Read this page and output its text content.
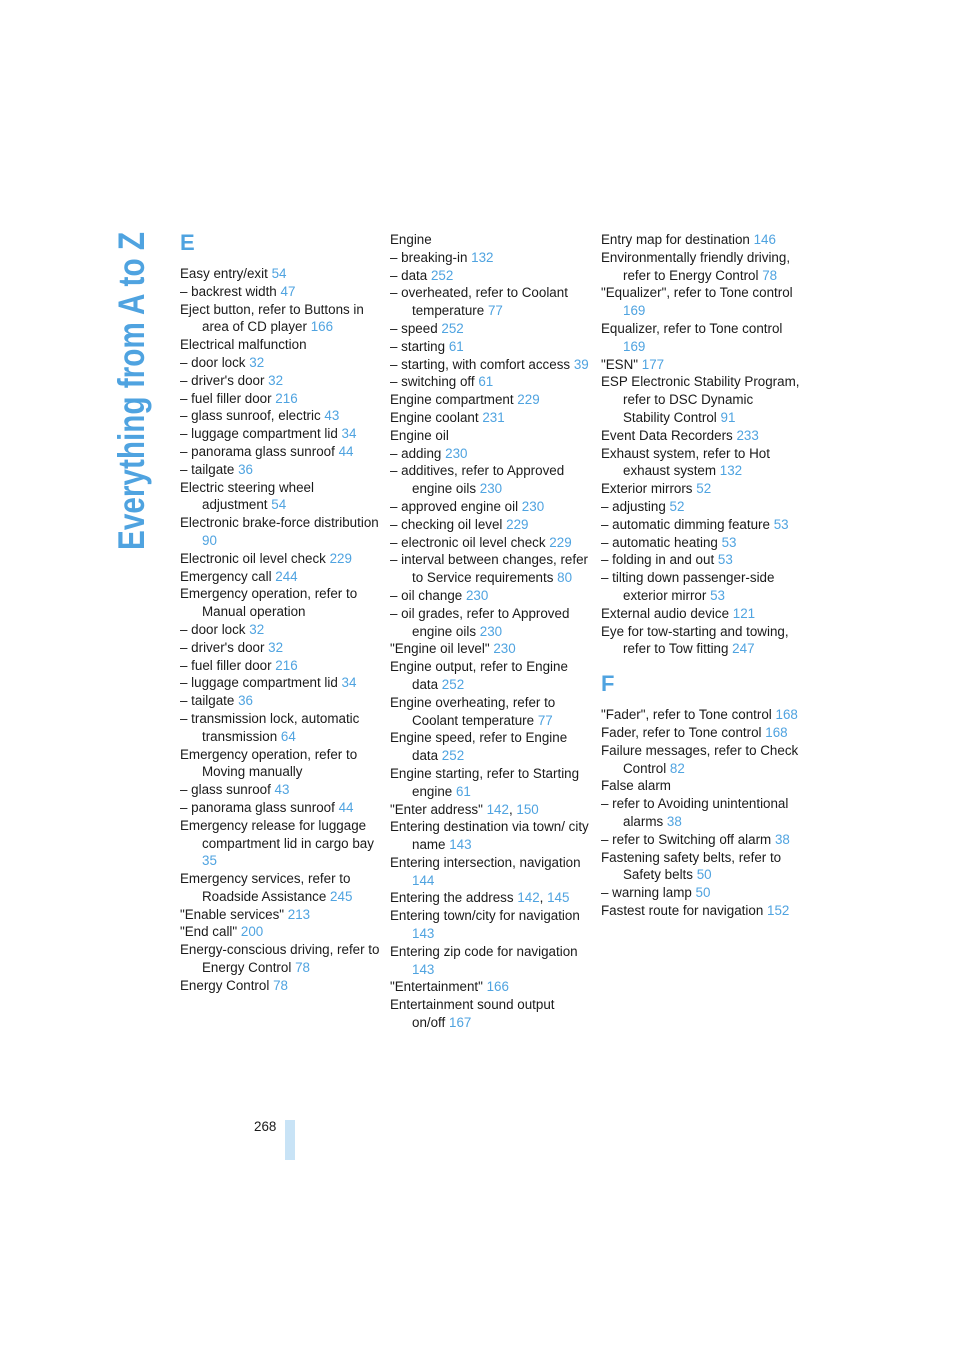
Everything from A to Z E
Easy entry/exit 54
– backrest width 47
Eject button, refer to Buttons in area of CD player 166
Electrical malfunction
– door lock 32
– driver's door 32
– fuel filler door 216
– glass sunroof, electric 43
– luggage compartment lid 34
– panorama glass sunroof 44
– tailgate 36
Electric steering wheel adjustment 54
Electronic brake-force distribution 90
Electronic oil level check 229
Emergency call 244
Emergency operation, refer to Manual operation
– door lock 32
– driver's door 32
– fuel filler door 216
– luggage compartment lid 34
– tailgate 36
– transmission lock, automatic transmission 64
Emergency operation, refer to Moving manually
– glass sunroof 43
– panorama glass sunroof 44
Emergency release for luggage compartment lid in cargo bay 35
Emergency services, refer to Roadside Assistance 245
"Enable services" 213
"End call" 200
Energy-conscious driving, refer to Energy Control 78
Energy Control 78
Engine
– breaking-in 132
– data 252
– overheated, refer to Coolant temperature 77
– speed 252
– starting 61
– starting, with comfort access 39
– switching off 61
Engine compartment 229
Engine coolant 231
Engine oil
– adding 230
– additives, refer to Approved engine oils 230
– approved engine oil 230
– checking oil level 229
– electronic oil level check 229
– interval between changes, refer to Service requirements 80
– oil change 230
– oil grades, refer to Approved engine oils 230
"Engine oil level" 230
Engine output, refer to Engine data 252
Engine overheating, refer to Coolant temperature 77
Engine speed, refer to Engine data 252
Engine starting, refer to Starting engine 61
"Enter address" 142, 150
Entering destination via town/ city name 143
Entering intersection, navigation 144
Entering the address 142, 145
Entering town/city for navigation 143
Entering zip code for navigation 143
"Entertainment" 166
Entertainment sound output on/off 167
Entry map for destination 146
Environmentally friendly driving, refer to Energy Control 78
"Equalizer", refer to Tone control 169
Equalizer, refer to Tone control 169
"ESN" 177
ESP Electronic Stability Program, refer to DSC Dynamic Stability Control 91
Event Data Recorders 233
Exhaust system, refer to Hot exhaust system 132
Exterior mirrors 52
– adjusting 52
– automatic dimming feature 53
– automatic heating 53
– folding in and out 53
– tilting down passenger-side exterior mirror 53
External audio device 121
Eye for tow-starting and towing, refer to Tow fitting 247
F
"Fader", refer to Tone control 168
Fader, refer to Tone control 168
Failure messages, refer to Check Control 82
False alarm
– refer to Avoiding unintentional alarms 38
– refer to Switching off alarm 38
Fastening safety belts, refer to Safety belts 50
– warning lamp 50
Fastest route for navigation 152
268
